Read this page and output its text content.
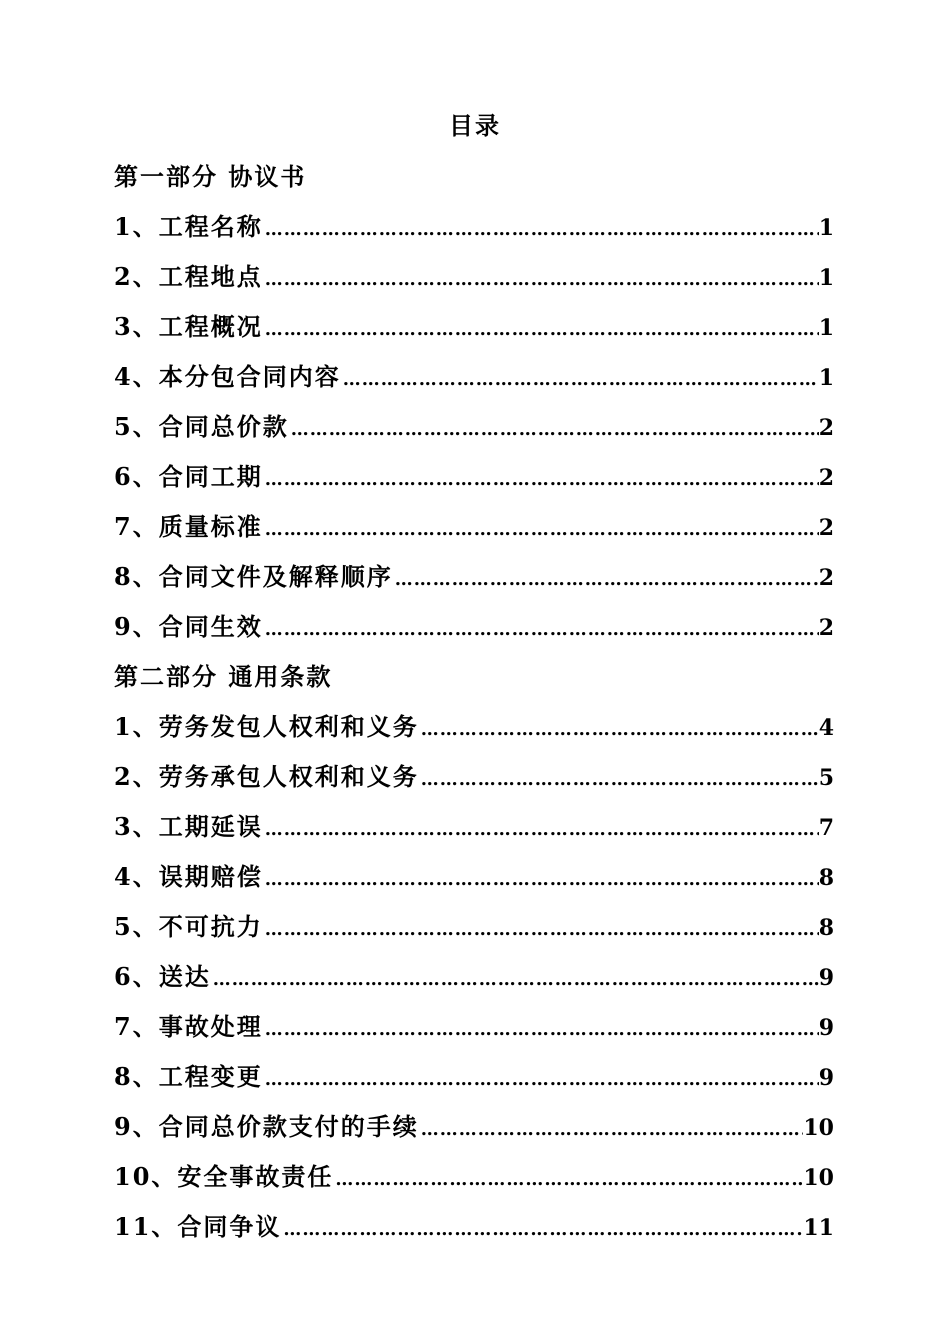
目录
第一部分 协议书
1、工程名称 …………………………………………………………………………………………………………………………………………………………………………………	1
2、工程地点 …………………………………………………………………………………………………………………………………………………………………………………	1
3、工程概况 …………………………………………………………………………………………………………………………………………………………………………………	1
4、本分包合同内容 …………………………………………………………………………………………………………………………………………………………………………………	1
5、合同总价款 …………………………………………………………………………………………………………………………………………………………………………………	2
6、合同工期 …………………………………………………………………………………………………………………………………………………………………………………	2
7、质量标准 …………………………………………………………………………………………………………………………………………………………………………………	2
8、合同文件及解释顺序 …………………………………………………………………………………………………………………………………………………………………………………	2
9、合同生效 …………………………………………………………………………………………………………………………………………………………………………………	2
第二部分 通用条款
1、劳务发包人权利和义务 …………………………………………………………………………………………………………………………………………………………………………………	4
2、劳务承包人权利和义务 …………………………………………………………………………………………………………………………………………………………………………………	5
3、工期延误 …………………………………………………………………………………………………………………………………………………………………………………	7
4、误期赔偿 …………………………………………………………………………………………………………………………………………………………………………………	8
5、不可抗力 …………………………………………………………………………………………………………………………………………………………………………………	8
6、送达 …………………………………………………………………………………………………………………………………………………………………………………	9
7、事故处理 …………………………………………………………………………………………………………………………………………………………………………………	9
8、工程变更 …………………………………………………………………………………………………………………………………………………………………………………	9
9、合同总价款支付的手续 …………………………………………………………………………………………………………………………………………………………………………………	10
10、安全事故责任 …………………………………………………………………………………………………………………………………………………………………………………	10
11、合同争议 …………………………………………………………………………………………………………………………………………………………………………………	11
